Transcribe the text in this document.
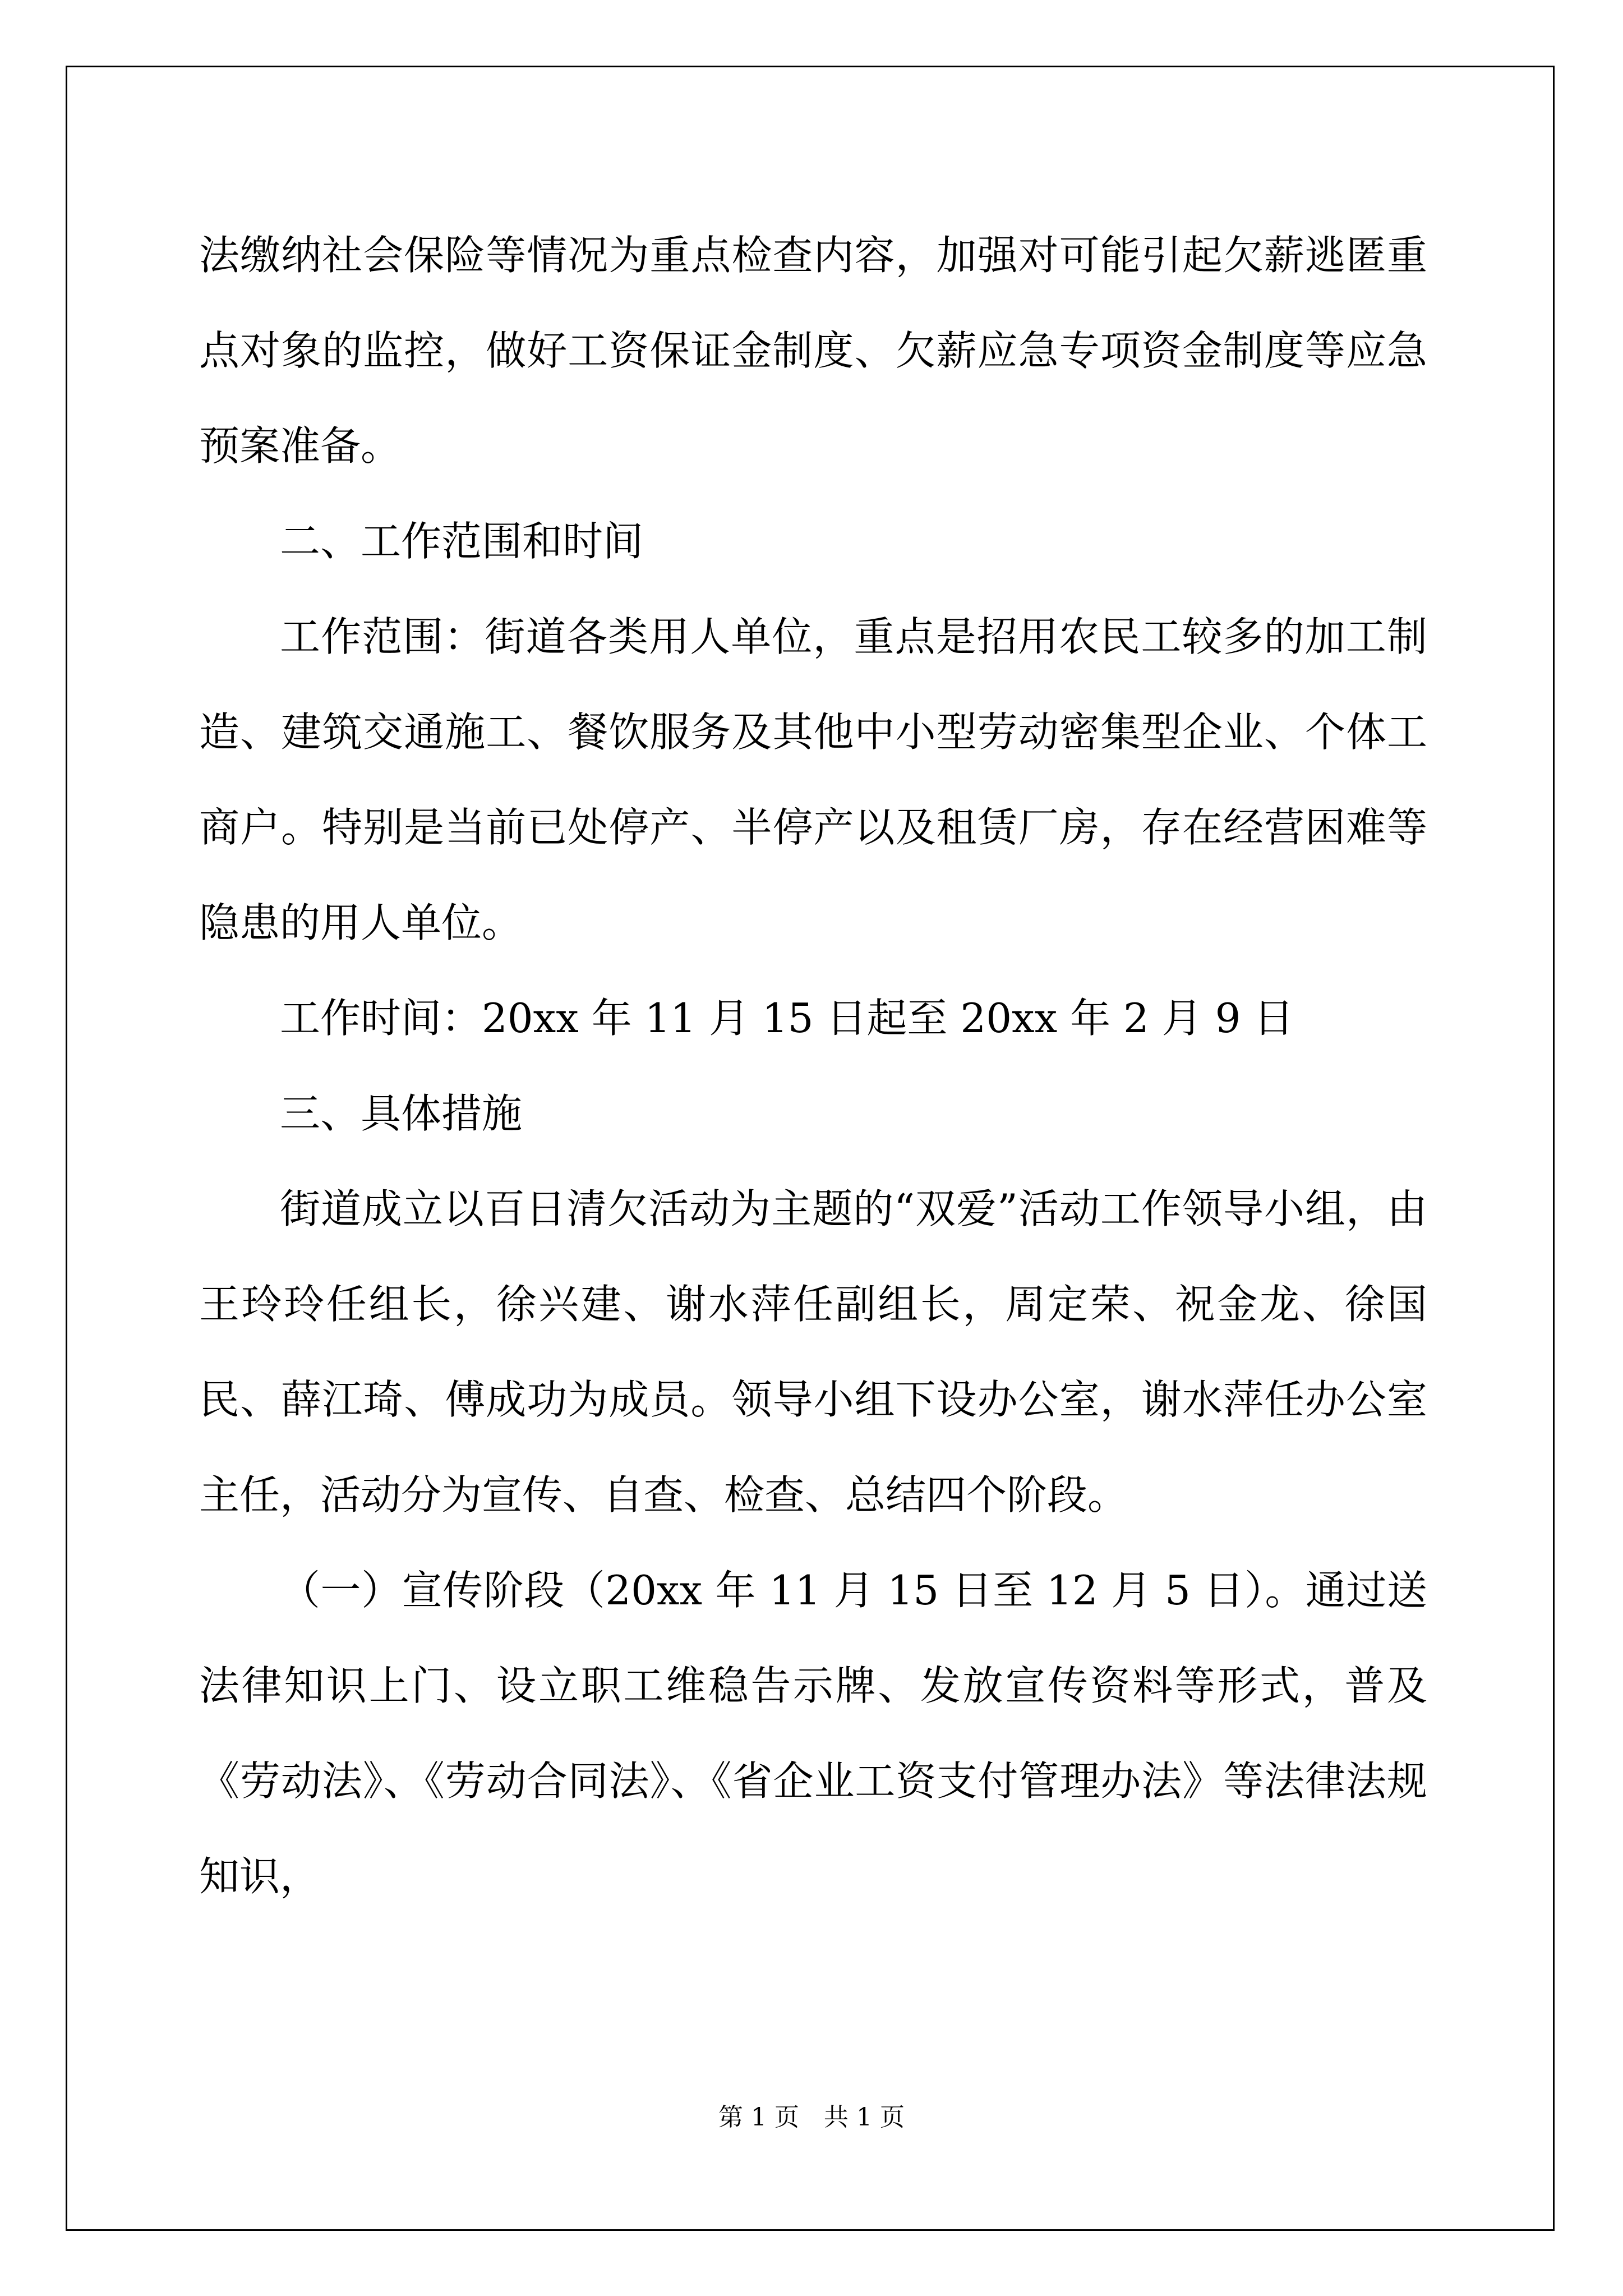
法缴纳社会保险等情况为重点检查内容，加强对可能引起欠薪逃匿重点对象的监控，做好工资保证金制度、欠薪应急专项资金制度等应急预案准备。

二、工作范围和时间

工作范围：街道各类用人单位，重点是招用农民工较多的加工制造、建筑交通施工、餐饮服务及其他中小型劳动密集型企业、个体工商户。特别是当前已处停产、半停产以及租赁厂房，存在经营困难等隐患的用人单位。

工作时间：20xx 年 11 月 15 日起至 20xx 年 2 月 9 日

三、具体措施

街道成立以百日清欠活动为主题的“双爱”活动工作领导小组，由王玲玲任组长，徐兴建、谢水萍任副组长，周定荣、祝金龙、徐国民、薛江琦、傅成功为成员。领导小组下设办公室，谢水萍任办公室主任，活动分为宣传、自查、检查、总结四个阶段。

（一）宣传阶段（20xx 年 11 月 15 日至 12 月 5 日）。通过送法律知识上门、设立职工维稳告示牌、发放宣传资料等形式，普及《劳动法》、《劳动合同法》、《省企业工资支付管理办法》等法律法规知识，

第 1 页　共 1 页
